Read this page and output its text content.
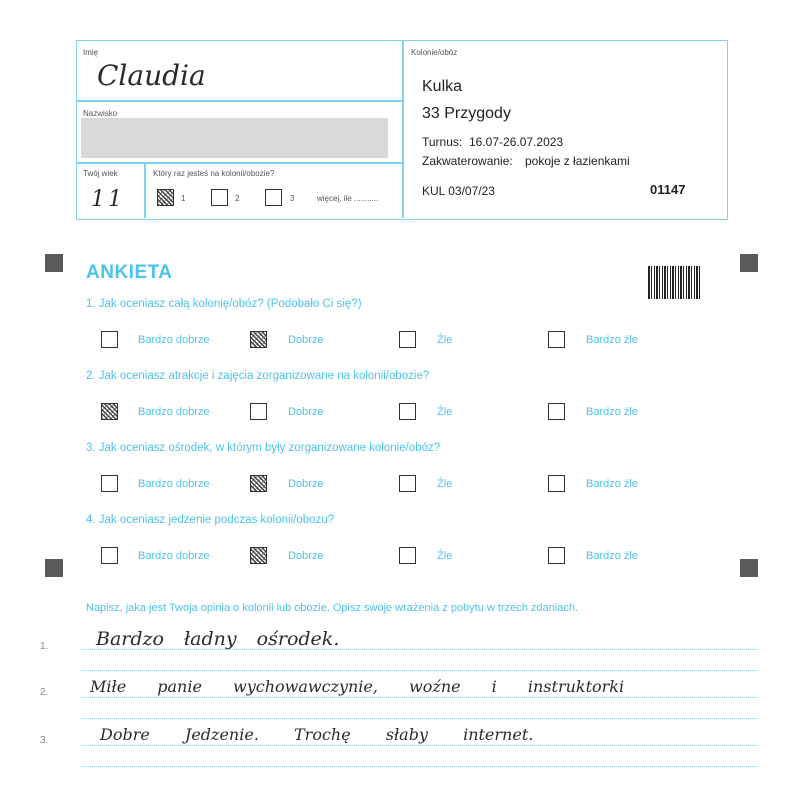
Imię
Claudia
Nazwisko
Twój wiek
11
Który raz jesteś na kolonii/obozie?
1	2	3	więcej, ile ...........
Kolonie/obóz
Kulka
33 Przygody
Turnus: 16.07-26.07.2023
Zakwaterowanie: pokoje z łazienkami
KUL 03/07/23	01147
ANKIETA
1. Jak oceniasz całą kolonię/obóz? (Podobało Ci się?)
Bardzo dobrze	Dobrze	Źle	Bardzo źle
2. Jak oceniasz atrakcje i zajęcia zorganizowane na kolonii/obozie?
Bardzo dobrze	Dobrze	Źle	Bardzo źle
3. Jak oceniasz ośrodek, w którym były zorganizowane kolonie/obóz?
Bardzo dobrze	Dobrze	Źle	Bardzo źle
4. Jak oceniasz jedzenie podczas kolonii/obozu?
Bardzo dobrze	Dobrze	Źle	Bardzo źle
Napisz, jaka jest Twoja opinia o kolonii lub obozie. Opisz swoje wrażenia z pobytu w trzech zdaniach.
1.	Bardzo ładny ośrodek.
2.	Miłe panie wychowawczynie, woźne i instruktorki
3.	Dobre Jedzenie. Trochę słaby internet.
